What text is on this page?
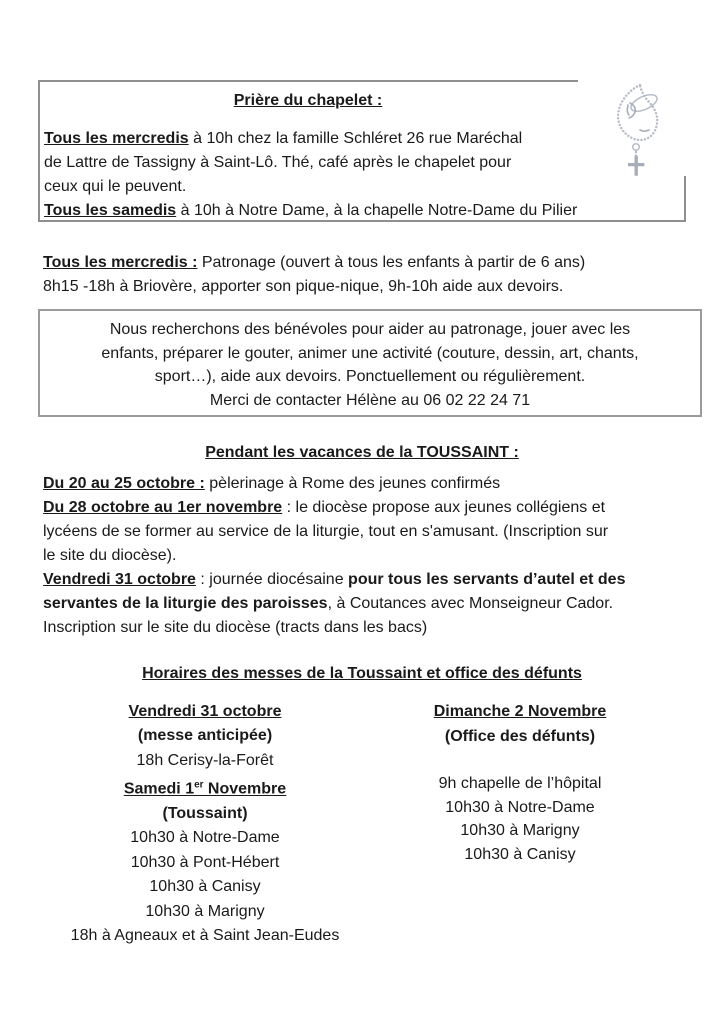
Prière du chapelet :
Tous les mercredis à 10h chez la famille Schléret 26 rue Maréchal
de Lattre de Tassigny à Saint-Lô. Thé, café après le chapelet pour
ceux qui le peuvent.
Tous les samedis à 10h à Notre Dame, à la chapelle Notre-Dame du Pilier
Tous les mercredis : Patronage (ouvert à tous les enfants à partir de 6 ans)
8h15 -18h à Briovère, apporter son pique-nique, 9h-10h aide aux devoirs.
Nous recherchons des bénévoles pour aider au patronage, jouer avec les
enfants, préparer le gouter, animer une activité (couture, dessin, art, chants,
sport…), aide aux devoirs. Ponctuellement ou régulièrement.
Merci de contacter Hélène au 06 02 22 24 71
Pendant les vacances de la TOUSSAINT :
Du 20 au 25 octobre : pèlerinage à Rome des jeunes confirmés
Du 28 octobre au 1er novembre : le diocèse propose aux jeunes collégiens et
lycéens de se former au service de la liturgie, tout en s'amusant. (Inscription sur
le site du diocèse).
Vendredi 31 octobre : journée diocésaine pour tous les servants d’autel et des
servantes de la liturgie des paroisses, à Coutances avec Monseigneur Cador.
Inscription sur le site du diocèse (tracts dans les bacs)
Horaires des messes de la Toussaint et office des défunts
Vendredi 31 octobre
(messe anticipée)
18h Cerisy-la-Forêt
Samedi 1er Novembre
(Toussaint)
10h30 à Notre-Dame
10h30 à Pont-Hébert
10h30 à Canisy
10h30 à Marigny
18h à Agneaux et à Saint Jean-Eudes
Dimanche 2 Novembre
(Office des défunts)
9h chapelle de l’hôpital
10h30 à Notre-Dame
10h30 à Marigny
10h30 à Canisy
